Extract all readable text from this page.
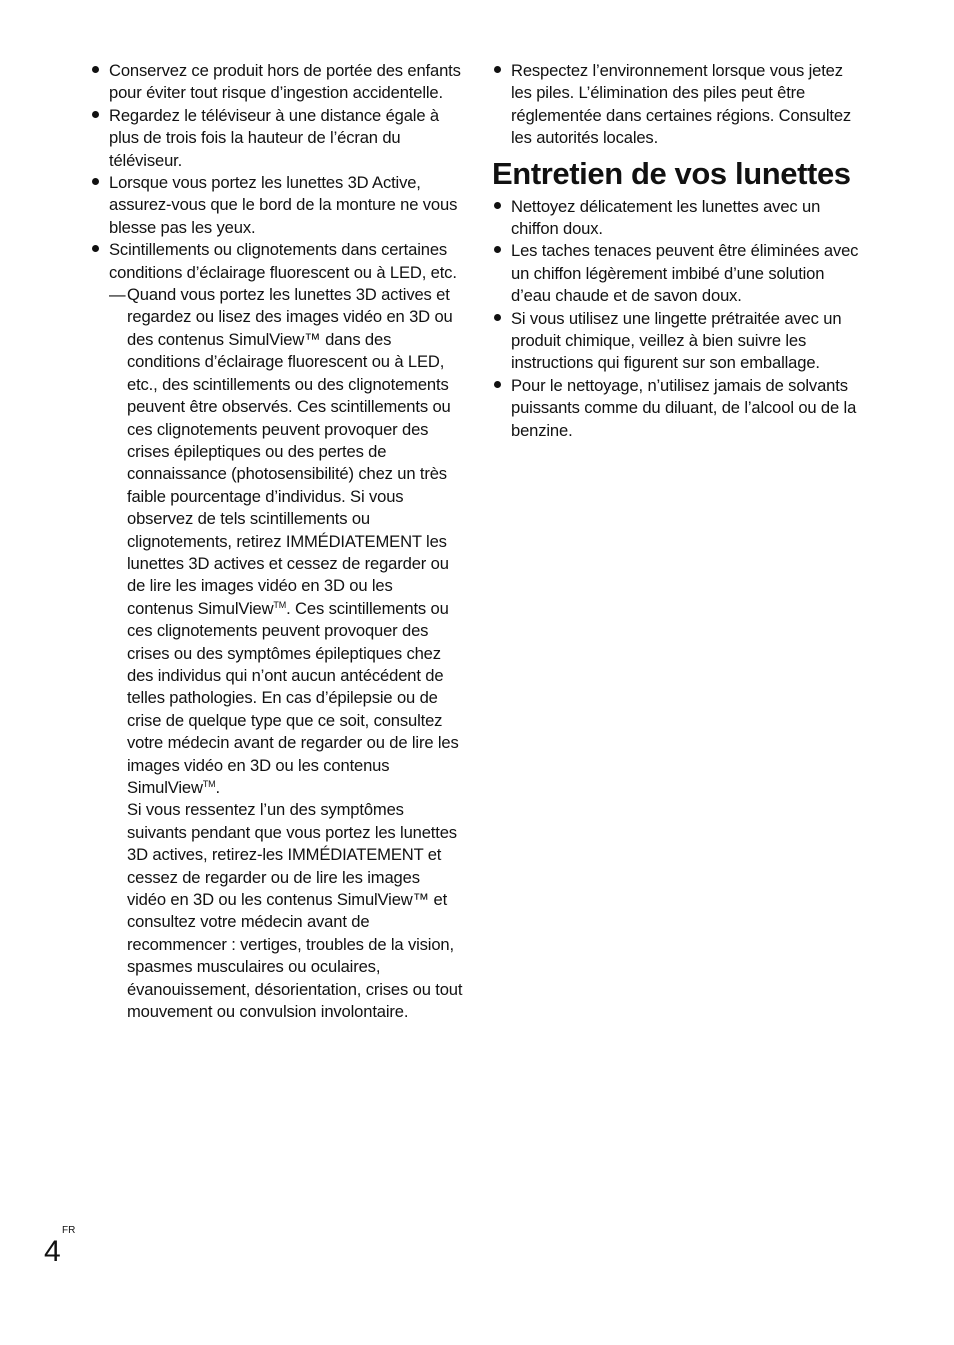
Conservez ce produit hors de portée des enfants pour éviter tout risque d’ingestion accidentelle.
Regardez le téléviseur à une distance égale à plus de trois fois la hauteur de l’écran du téléviseur.
Lorsque vous portez les lunettes 3D Active, assurez-vous que le bord de la monture ne vous blesse pas les yeux.
Scintillements ou clignotements dans certaines conditions d’éclairage fluorescent ou à LED, etc.
— Quand vous portez les lunettes 3D actives et regardez ou lisez des images vidéo en 3D ou des contenus SimulView™ dans des conditions d’éclairage fluorescent ou à LED, etc., des scintillements ou des clignotements peuvent être observés. Ces scintillements ou ces clignotements peuvent provoquer des crises épileptiques ou des pertes de connaissance (photosensibilité) chez un très faible pourcentage d’individus. Si vous observez de tels scintillements ou clignotements, retirez IMMÉDIATEMENT les lunettes 3D actives et cessez de regarder ou de lire les images vidéo en 3D ou les contenus SimulView™. Ces scintillements ou ces clignotements peuvent provoquer des crises ou des symptômes épileptiques chez des individus qui n’ont aucun antécédent de telles pathologies. En cas d’épilepsie ou de crise de quelque type que ce soit, consultez votre médecin avant de regarder ou de lire les images vidéo en 3D ou les contenus SimulView™.
Si vous ressentez l’un des symptômes suivants pendant que vous portez les lunettes 3D actives, retirez-les IMMÉDIATEMENT et cessez de regarder ou de lire les images vidéo en 3D ou les contenus SimulView™ et consultez votre médecin avant de recommencer : vertiges, troubles de la vision, spasmes musculaires ou oculaires, évanouissement, désorientation, crises ou tout mouvement ou convulsion involontaire.
Respectez l’environnement lorsque vous jetez les piles. L’élimination des piles peut être réglementée dans certaines régions. Consultez les autorités locales.
Entretien de vos lunettes
Nettoyez délicatement les lunettes avec un chiffon doux.
Les taches tenaces peuvent être éliminées avec un chiffon légèrement imbibé d’une solution d’eau chaude et de savon doux.
Si vous utilisez une lingette prétraitée avec un produit chimique, veillez à bien suivre les instructions qui figurent sur son emballage.
Pour le nettoyage, n’utilisez jamais de solvants puissants comme du diluant, de l’alcool ou de la benzine.
FR
4
